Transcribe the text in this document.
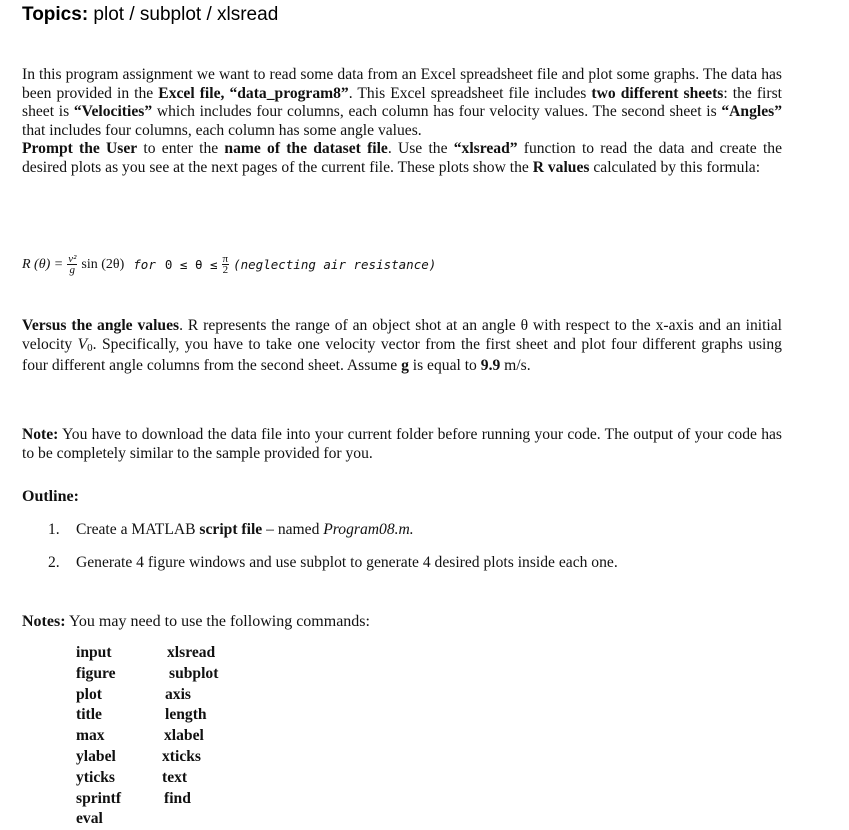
Topics: plot / subplot / xlsread
In this program assignment we want to read some data from an Excel spreadsheet file and plot some graphs. The data has been provided in the Excel file, “data_program8”. This Excel spreadsheet file includes two different sheets: the first sheet is “Velocities” which includes four columns, each column has four velocity values. The second sheet is “Angles” that includes four columns, each column has some angle values.
Prompt the User to enter the name of the dataset file. Use the “xlsread” function to read the data and create the desired plots as you see at the next pages of the current file. These plots show the R values calculated by this formula:
R $(\theta) = \frac{\text{v²}}{g}$ sin (2θ) for $0 \le \theta \le \frac{\pi}{2}$ (neglecting air resistance)
Versus the angle values. R represents the range of an object shot at an angle θ with respect to the x-axis and an initial velocity V0. Specifically, you have to take one velocity vector from the first sheet and plot four different graphs using four different angle columns from the second sheet. Assume g is equal to 9.9 m/s.
Note: You have to download the data file into your current folder before running your code. The output of your code has to be completely similar to the sample provided for you.
Outline:
1. Create a MATLAB script file – named Program08.m.
2. Generate 4 figure windows and use subplot to generate 4 desired plots inside each one.
Notes: You may need to use the following commands:
input
figure
plot
title
max
ylabel
yticks
sprintf
eval
xlsread
subplot
axis
length
xlabel
xticks
text
find
